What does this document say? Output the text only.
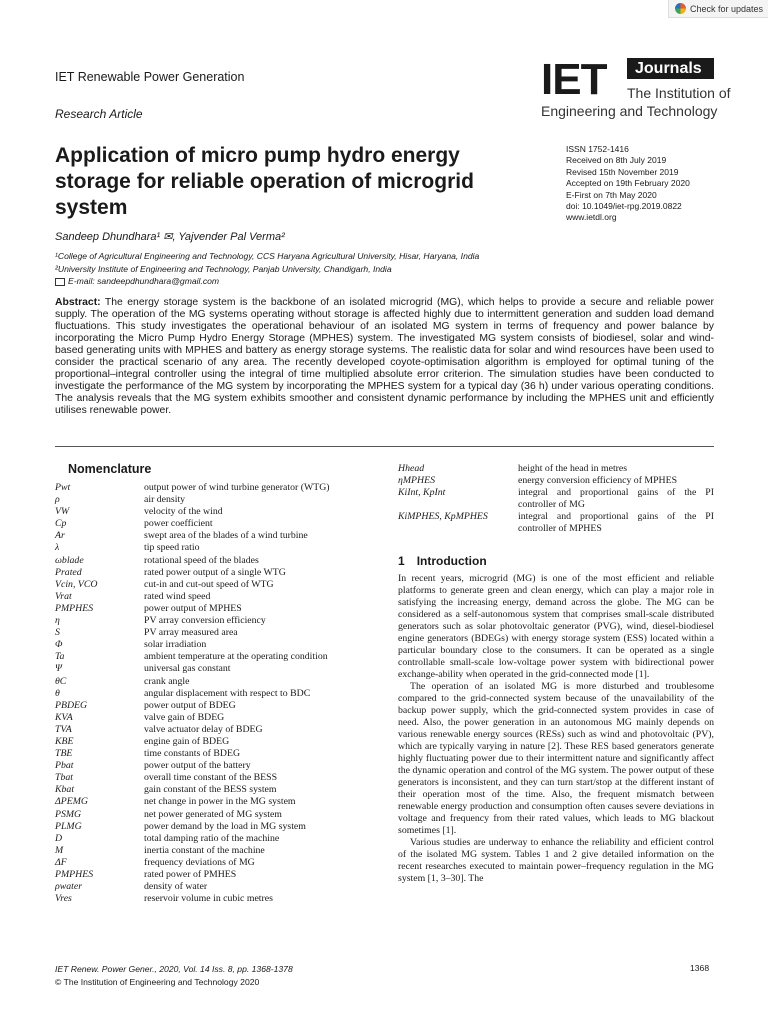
Check for updates
IET Renewable Power Generation
Research Article
IET	Journals
The Institution of
Engineering and Technology
Application of micro pump hydro energy storage for reliable operation of microgrid system
ISSN 1752-1416
Received on 8th July 2019
Revised 15th November 2019
Accepted on 19th February 2020
E-First on 7th May 2020
doi: 10.1049/iet-rpg.2019.0822
www.ietdl.org
Sandeep Dhundhara¹ ✉, Yajvender Pal Verma²
¹College of Agricultural Engineering and Technology, CCS Haryana Agricultural University, Hisar, Haryana, India
²University Institute of Engineering and Technology, Panjab University, Chandigarh, India
E-mail: sandeepdhundhara@gmail.com
Abstract: The energy storage system is the backbone of an isolated microgrid (MG), which helps to provide a secure and reliable power supply. The operation of the MG systems operating without storage is affected highly due to intermittent generation and sudden load demand fluctuations. This study investigates the operational behaviour of an isolated MG system in terms of frequency and power balance by incorporating the Micro Pump Hydro Energy Storage (MPHES) system. The investigated MG system consists of biodiesel, solar and wind-based generating units with MPHES and battery as energy storage systems. The realistic data for solar and wind resources have been used to consider the practical scenario of any area. The recently developed coyote-optimisation algorithm is employed for optimal tuning of the proportional–integral controller using the integral of time multiplied absolute error criterion. The simulation studies have been conducted to investigate the performance of the MG system by incorporating the MPHES system for a typical day (36 h) under various operating conditions. The analysis reveals that the MG system exhibits smoother and consistent dynamic performance by including the MPHES unit and efficiently utilises renewable power.
Nomenclature
Pwt	output power of wind turbine generator (WTG)
ρ	air density
VW	velocity of the wind
Cp	power coefficient
Ar	swept area of the blades of a wind turbine
λ	tip speed ratio
ωblade	rotational speed of the blades
Prated	rated power output of a single WTG
Vcin, VCO	cut-in and cut-out speed of WTG
Vrat	rated wind speed
PMPHES	power output of MPHES
η	PV array conversion efficiency
S	PV array measured area
Φ	solar irradiation
Ta	ambient temperature at the operating condition
Ψ	universal gas constant
θC	crank angle
θ	angular displacement with respect to BDC
PBDEG	power output of BDEG
KVA	valve gain of BDEG
TVA	valve actuator delay of BDEG
KBE	engine gain of BDEG
TBE	time constants of BDEG
Pbat	power output of the battery
Tbat	overall time constant of the BESS
Kbat	gain constant of the BESS system
ΔPEMG	net change in power in the MG system
PSMG	net power generated of MG system
PLMG	power demand by the load in MG system
D	total damping ratio of the machine
M	inertia constant of the machine
ΔF	frequency deviations of MG
PMPHES	rated power of PMHES
ρwater	density of water
Vres	reservoir volume in cubic metres
Hhead	height of the head in metres
ηMPHES	energy conversion efficiency of MPHES
KiInt, KpInt	integral and proportional gains of the PI controller of MG
KiMPHES, KpMPHES	integral and proportional gains of the PI controller of MPHES
1 Introduction

In recent years, microgrid (MG) is one of the most efficient and reliable platforms to generate green and clean energy, which can play a major role in satisfying the increasing energy, demand across the globe. The MG can be considered as a self-autonomous system that comprises small-scale distributed generators such as solar photovoltaic generator (PVG), wind, diesel-biodiesel engine generators (BDEGs) with energy storage system (ESS) located within a particular boundary close to the consumers. It can be operated as a single controllable small-scale low-voltage power system with bidirectional power exchange-ability when operated in the grid-connected mode [1].

The operation of an isolated MG is more disturbed and troublesome compared to the grid-connected system because of the unavailability of the backup power supply, which the grid-connected system provides in case of need. Also, the power generation in an autonomous MG mainly depends on various renewable energy sources (RESs) such as wind and photovoltaic (PV), which are typically varying in nature [2]. These RES based generators generate highly fluctuating power due to their intermittent nature and significantly affect the dynamic operation and control of the MG system. The power output of these generators is inconsistent, and they can turn start/stop at the different instant of their operation most of the time. Also, the frequent mismatch between renewable energy production and consumption often causes severe deviations in voltage and frequency from their rated values, which leads to MG blackout sometimes [1].

Various studies are underway to enhance the reliability and efficient control of the isolated MG system. Tables 1 and 2 give detailed information on the recent researches executed to maintain power–frequency regulation in the MG system [1, 3–30]. The

IET Renew. Power Gener., 2020, Vol. 14 Iss. 8, pp. 1368-1378
© The Institution of Engineering and Technology 2020
1368
